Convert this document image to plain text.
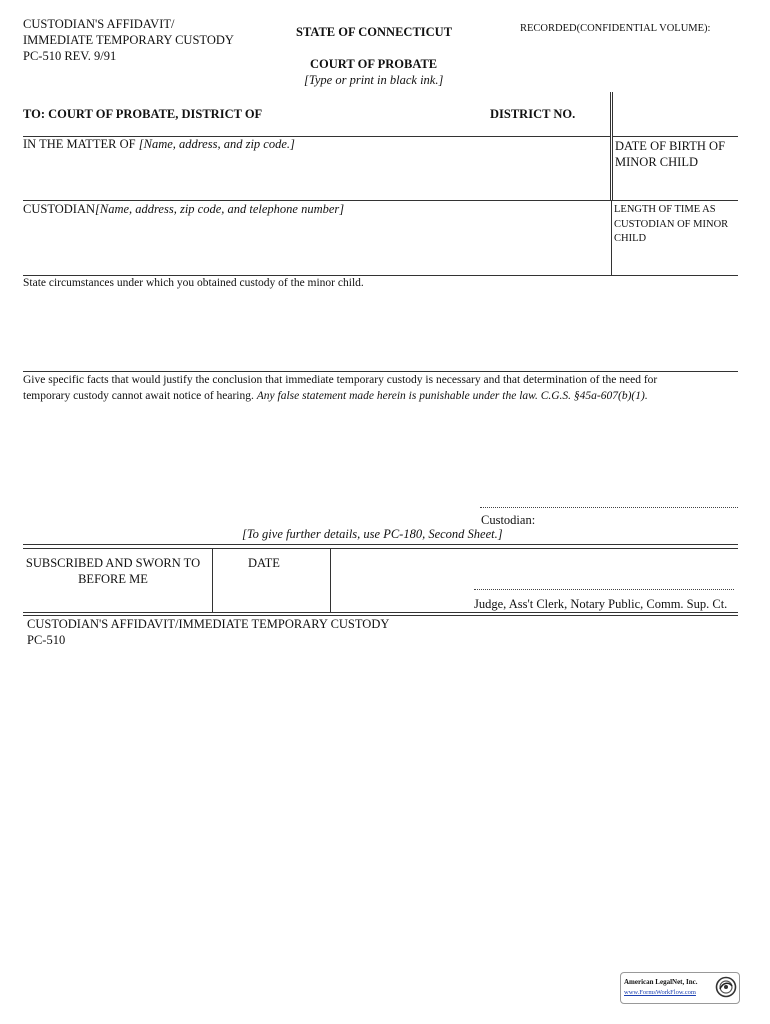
CUSTODIAN'S AFFIDAVIT/
IMMEDIATE TEMPORARY CUSTODY
PC-510 REV. 9/91
STATE OF CONNECTICUT
COURT OF PROBATE
[Type or print in black ink.]
RECORDED(CONFIDENTIAL VOLUME):
TO: COURT OF PROBATE, DISTRICT OF	DISTRICT NO.
IN THE MATTER OF [Name, address, and zip code.]	DATE OF BIRTH OF
MINOR CHILD
CUSTODIAN[Name, address, zip code, and telephone number]	LENGTH OF TIME AS
CUSTODIAN OF MINOR
CHILD
State circumstances under which you obtained custody of the minor child.
Give specific facts that would justify the conclusion that immediate temporary custody is necessary and that determination of the need for
temporary custody cannot await notice of hearing. Any false statement made herein is punishable under the law. C.G.S. §45a-607(b)(1).
Custodian:
[To give further details, use PC-180, Second Sheet.]
SUBSCRIBED AND SWORN TO
BEFORE ME
DATE
Judge, Ass't Clerk, Notary Public, Comm. Sup. Ct.
CUSTODIAN'S AFFIDAVIT/IMMEDIATE TEMPORARY CUSTODY
PC-510
American LegalNet, Inc.
www.FormsWorkFlow.com
